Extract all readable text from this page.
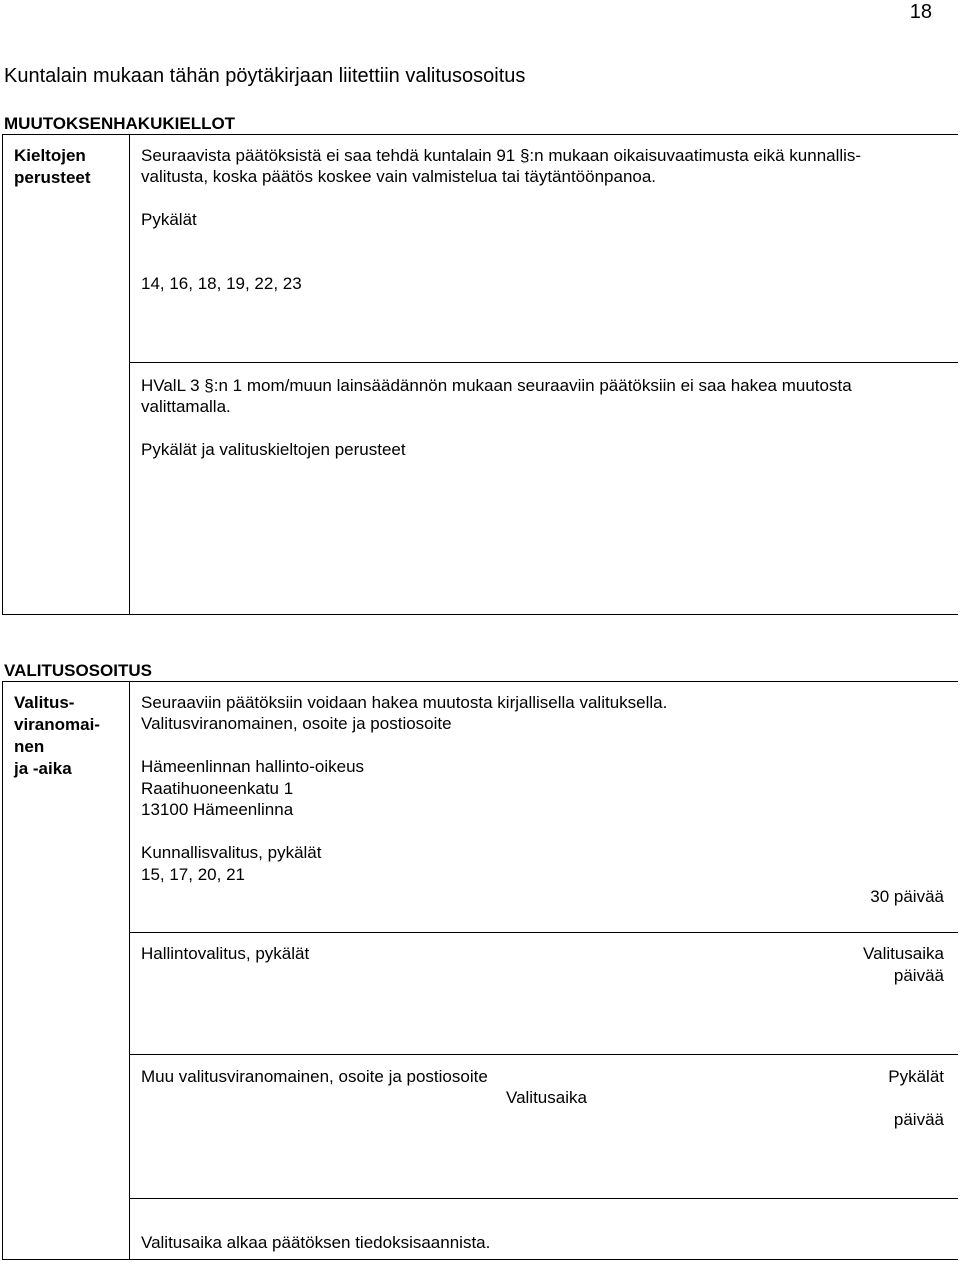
18
Kuntalain mukaan tähän pöytäkirjaan liitettiin valitusosoitus
MUUTOKSENHAKUKIELLOT
Kieltojen
perusteet
Seuraavista päätöksistä ei saa tehdä kuntalain 91 §:n mukaan oikaisuvaatimusta eikä kunnallis-
valitusta, koska päätös koskee vain valmistelua tai täytäntöönpanoa.
Pykälät
14, 16, 18, 19, 22, 23
HValL 3 §:n 1 mom/muun lainsäädännön mukaan seuraaviin päätöksiin ei saa hakea muutosta
valittamalla.
Pykälät ja valituskieltojen perusteet
VALITUSOSOITUS
Valitus-
viranomai-
nen
ja -aika
Seuraaviin päätöksiin voidaan hakea muutosta kirjallisella valituksella.
Valitusviranomainen, osoite ja postiosoite
Hämeenlinnan hallinto-oikeus
Raatihuoneenkatu 1
13100 Hämeenlinna
Kunnallisvalitus, pykälät
15, 17, 20, 21
30 päivää
Hallintovalitus, pykälät	Valitusaika
päivää
Muu valitusviranomainen, osoite ja postiosoite	Pykälät
Valitusaika
päivää
Valitusaika alkaa päätöksen tiedoksisaannista.
